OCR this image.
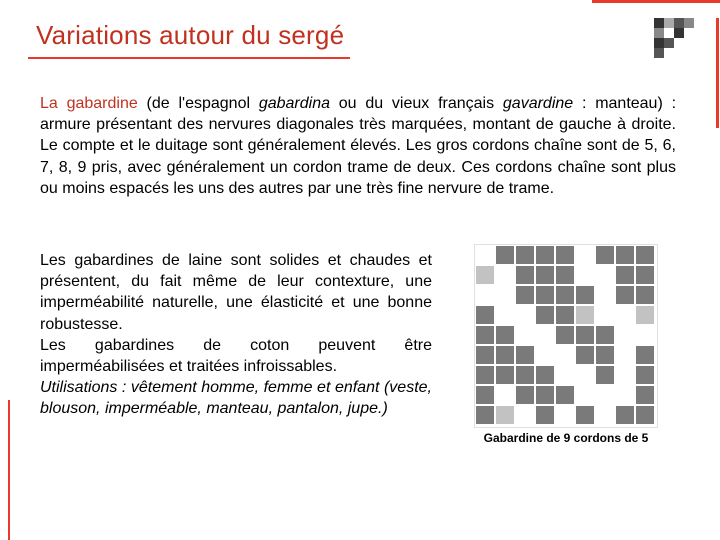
Variations autour du sergé
La gabardine (de l'espagnol gabardina ou du vieux français gavardine : manteau) : armure présentant des nervures diagonales très marquées, montant de gauche à droite. Le compte et le duitage sont généralement élevés. Les gros cordons chaîne sont de 5, 6, 7, 8, 9 pris, avec généralement un cordon trame de deux. Ces cordons chaîne sont plus ou moins espacés les uns des autres par une très fine nervure de trame.
Les gabardines de laine sont solides et chaudes et présentent, du fait même de leur contexture, une imperméabilité naturelle, une élasticité et une bonne robustesse.
Les gabardines de coton peuvent être imperméabilisées et traitées infroissables.
Utilisations : vêtement homme, femme et enfant (veste, blouson, imperméable, manteau, pantalon, jupe.)
Gabardine de 9 cordons de 5
